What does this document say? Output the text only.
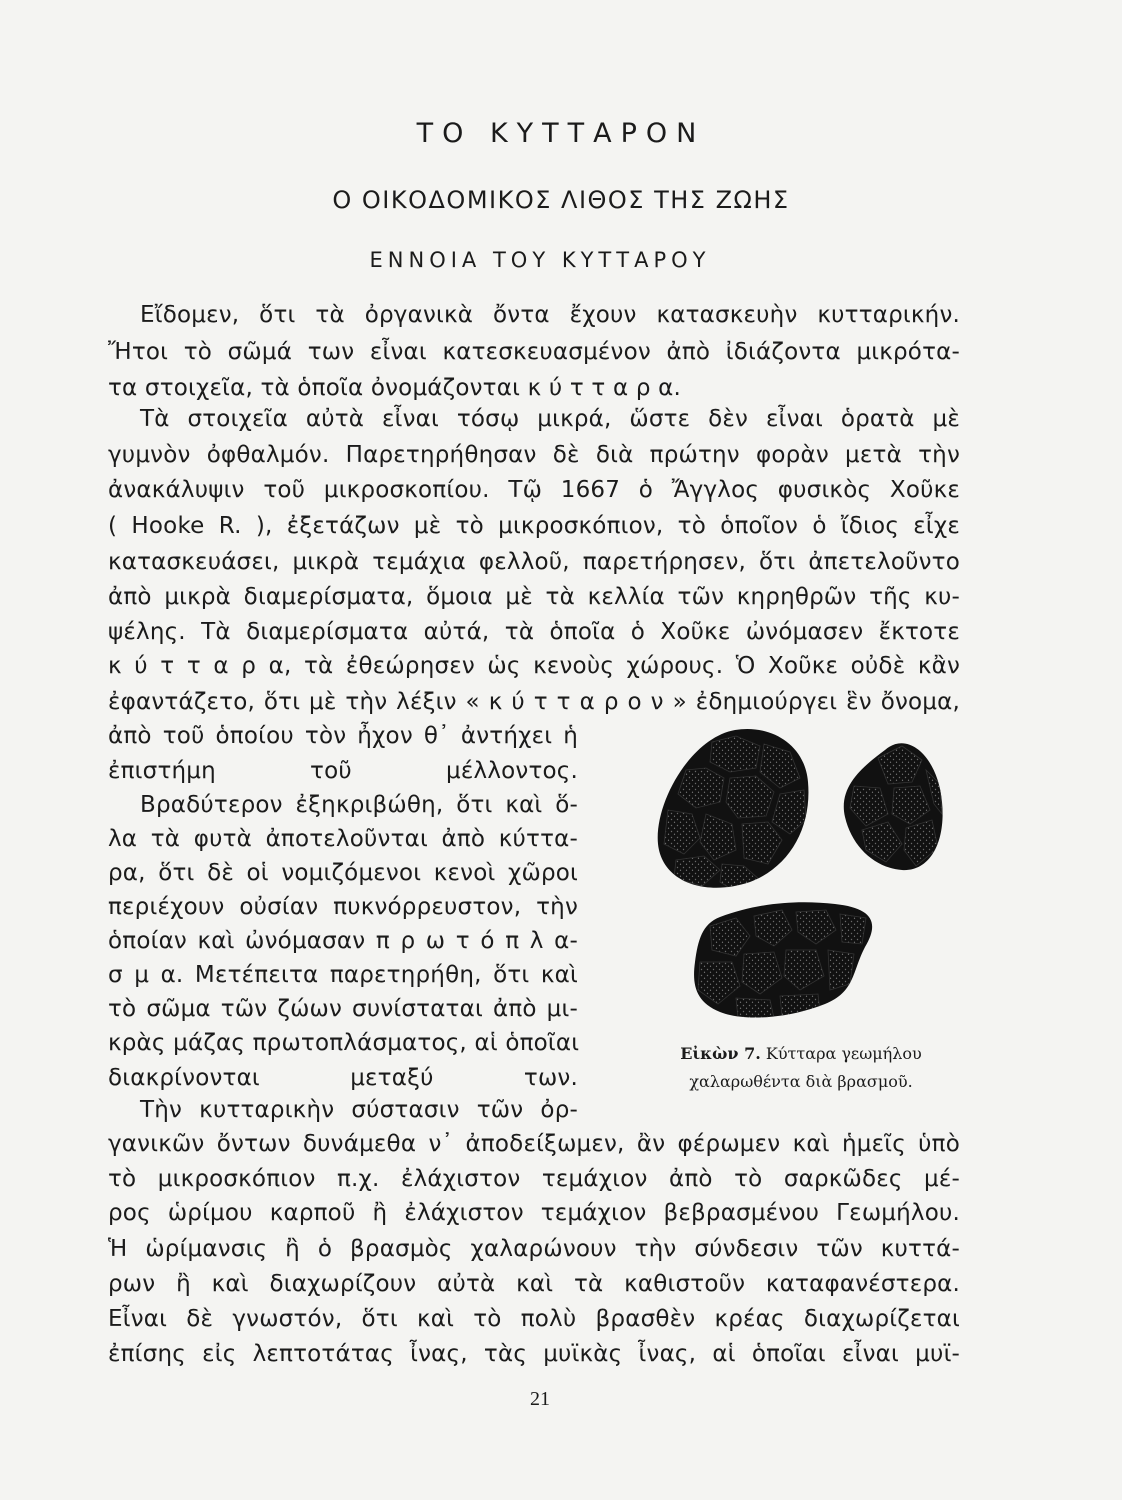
ΤΟ ΚΥΤΤΑΡΟΝ
Ο ΟΙΚΟΔΟΜΙΚΟΣ ΛΙΘΟΣ ΤΗΣ ΖΩΗΣ
ΕΝΝΟΙΑ ΤΟΥ ΚΥΤΤΑΡΟΥ

Εἴδομεν, ὅτι τὰ ὀργανικὰ ὄντα ἔχουν κατασκευὴν κυτταρικήν.

Ἤτοι τὸ σῶμά των εἶναι κατεσκευασμένον ἀπὸ ἰδιάζοντα μικρότα-

τα στοιχεῖα, τὰ ὁποῖα ὀνομάζονται κ ύ τ τ α ρ α.

Τὰ στοιχεῖα αὐτὰ εἶναι τόσῳ μικρά, ὥστε δὲν εἶναι ὁρατὰ μὲ

γυμνὸν ὀφθαλμόν. Παρετηρήθησαν δὲ διὰ πρώτην φορὰν μετὰ τὴν

ἀνακάλυψιν τοῦ μικροσκοπίου. Τῷ 1667 ὁ Ἄγγλος φυσικὸς Χοῦκε

( Hooke R. ), ἐξετάζων μὲ τὸ μικροσκόπιον, τὸ ὁποῖον ὁ ἴδιος εἶχε

κατασκευάσει, μικρὰ τεμάχια φελλοῦ, παρετήρησεν, ὅτι ἀπετελοῦντο

ἀπὸ μικρὰ διαμερίσματα, ὅμοια μὲ τὰ κελλία τῶν κηρηθρῶν τῆς κυ-

ψέλης. Τὰ διαμερίσματα αὐτά, τὰ ὁποῖα ὁ Χοῦκε ὠνόμασεν ἔκτοτε

κ ύ τ τ α ρ α, τὰ ἐθεώρησεν ὡς κενοὺς χώρους. Ὁ Χοῦκε οὐδὲ κἂν

ἐφαντάζετο, ὅτι μὲ τὴν λέξιν « κ ύ τ τ α ρ ο ν » ἐδημιούργει ἓν ὄνομα,

ἀπὸ τοῦ ὁποίου τὸν ἦχον θ᾽ ἀντήχει ἡ

ἐπιστήμη τοῦ μέλλοντος.

Βραδύτερον ἐξηκριβώθη, ὅτι καὶ ὅ-

λα τὰ φυτὰ ἀποτελοῦνται ἀπὸ κύττα-

ρα, ὅτι δὲ οἱ νομιζόμενοι κενοὶ χῶροι

περιέχουν οὐσίαν πυκνόρρευστον, τὴν

ὁποίαν καὶ ὠνόμασαν π ρ ω τ ό π λ α-

σ μ α. Μετέπειτα παρετηρήθη, ὅτι καὶ

τὸ σῶμα τῶν ζώων συνίσταται ἀπὸ μι-

κρὰς μάζας πρωτοπλάσματος, αἱ ὁποῖαι

διακρίνονται μεταξύ των.

Τὴν κυτταρικὴν σύστασιν τῶν ὀρ-

γανικῶν ὄντων δυνάμεθα ν᾽ ἀποδείξωμεν, ἂν φέρωμεν καὶ ἡμεῖς ὑπὸ

τὸ μικροσκόπιον π.χ. ἐλάχιστον τεμάχιον ἀπὸ τὸ σαρκῶδες μέ-

ρος ὡρίμου καρποῦ ἢ ἐλάχιστον τεμάχιον βεβρασμένου Γεωμήλου.

Ἡ ὡρίμανσις ἢ ὁ βρασμὸς χαλαρώνουν τὴν σύνδεσιν τῶν κυττά-

ρων ἢ καὶ διαχωρίζουν αὐτὰ καὶ τὰ καθιστοῦν καταφανέστερα.

Εἶναι δὲ γνωστόν, ὅτι καὶ τὸ πολὺ βρασθὲν κρέας διαχωρίζεται

ἐπίσης εἰς λεπτοτάτας ἶνας, τὰς μυϊκὰς ἶνας, αἱ ὁποῖαι εἶναι μυϊ-

Εἰκὼν 7. Κύτταρα γεωμήλου

χαλαρωθέντα διὰ βρασμοῦ.

21
